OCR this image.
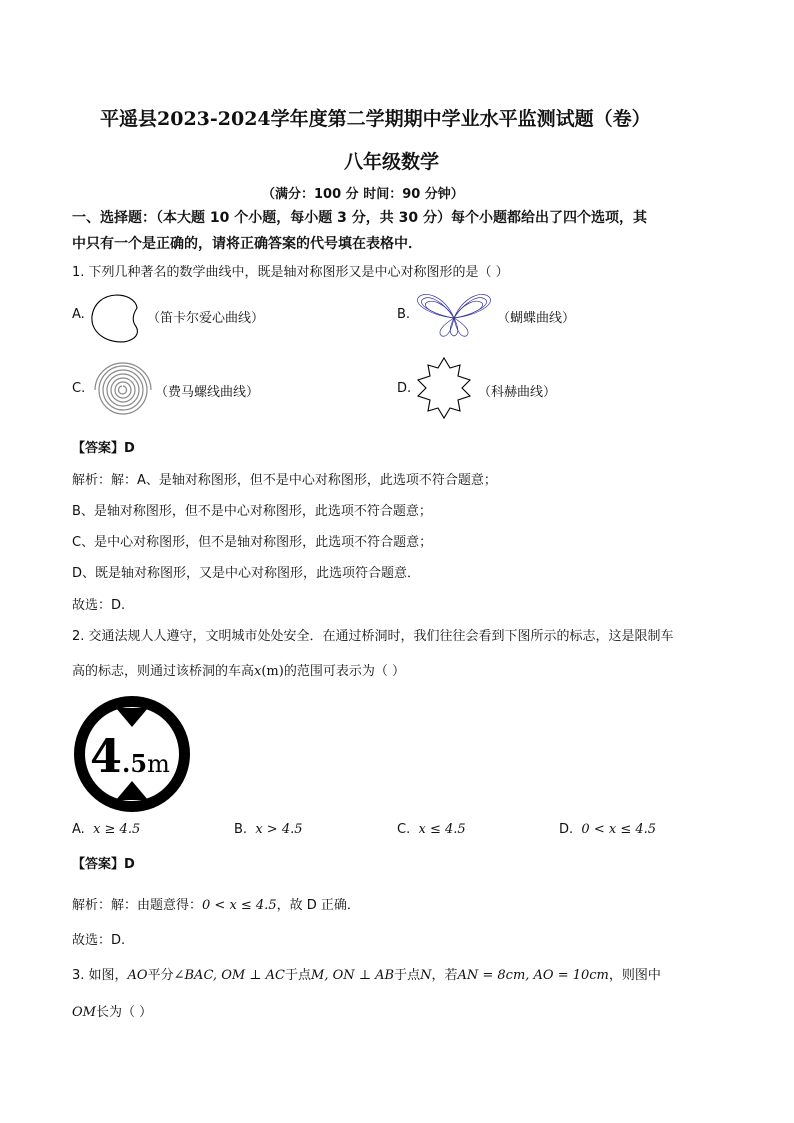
平遥县2023-2024学年度第二学期期中学业水平监测试题（卷）
八年级数学
（满分：100 分 时间：90 分钟）
一、选择题：（本大题 10 个小题，每小题 3 分，共 30 分）每个小题都给出了四个选项，其
中只有一个是正确的，请将正确答案的代号填在表格中．
1. 下列几种著名的数学曲线中，既是轴对称图形又是中心对称图形的是（ ）
A.	（笛卡尔爱心曲线）	B.	（蝴蝶曲线）
C.	（费马螺线曲线）	D.	（科赫曲线）
【答案】D
解析：解：A、是轴对称图形，但不是中心对称图形，此选项不符合题意；
B、是轴对称图形，但不是中心对称图形，此选项不符合题意；
C、是中心对称图形，但不是轴对称图形，此选项不符合题意；
D、既是轴对称图形，又是中心对称图形，此选项符合题意．
故选：D.
2. 交通法规人人遵守，文明城市处处安全．在通过桥洞时，我们往往会看到下图所示的标志，这是限制车
高的标志，则通过该桥洞的车高x(m)的范围可表示为（ ）
4.5m
A. x ≥ 4.5	B. x > 4.5	C. x ≤ 4.5	D. 0 < x ≤ 4.5
【答案】D
解析：解：由题意得：0 < x ≤ 4.5，故 D 正确．
故选：D.
3. 如图，AO平分∠BAC, OM ⊥ AC于点M, ON ⊥ AB于点N，若AN = 8cm, AO = 10cm，则图中
OM长为（ ）
